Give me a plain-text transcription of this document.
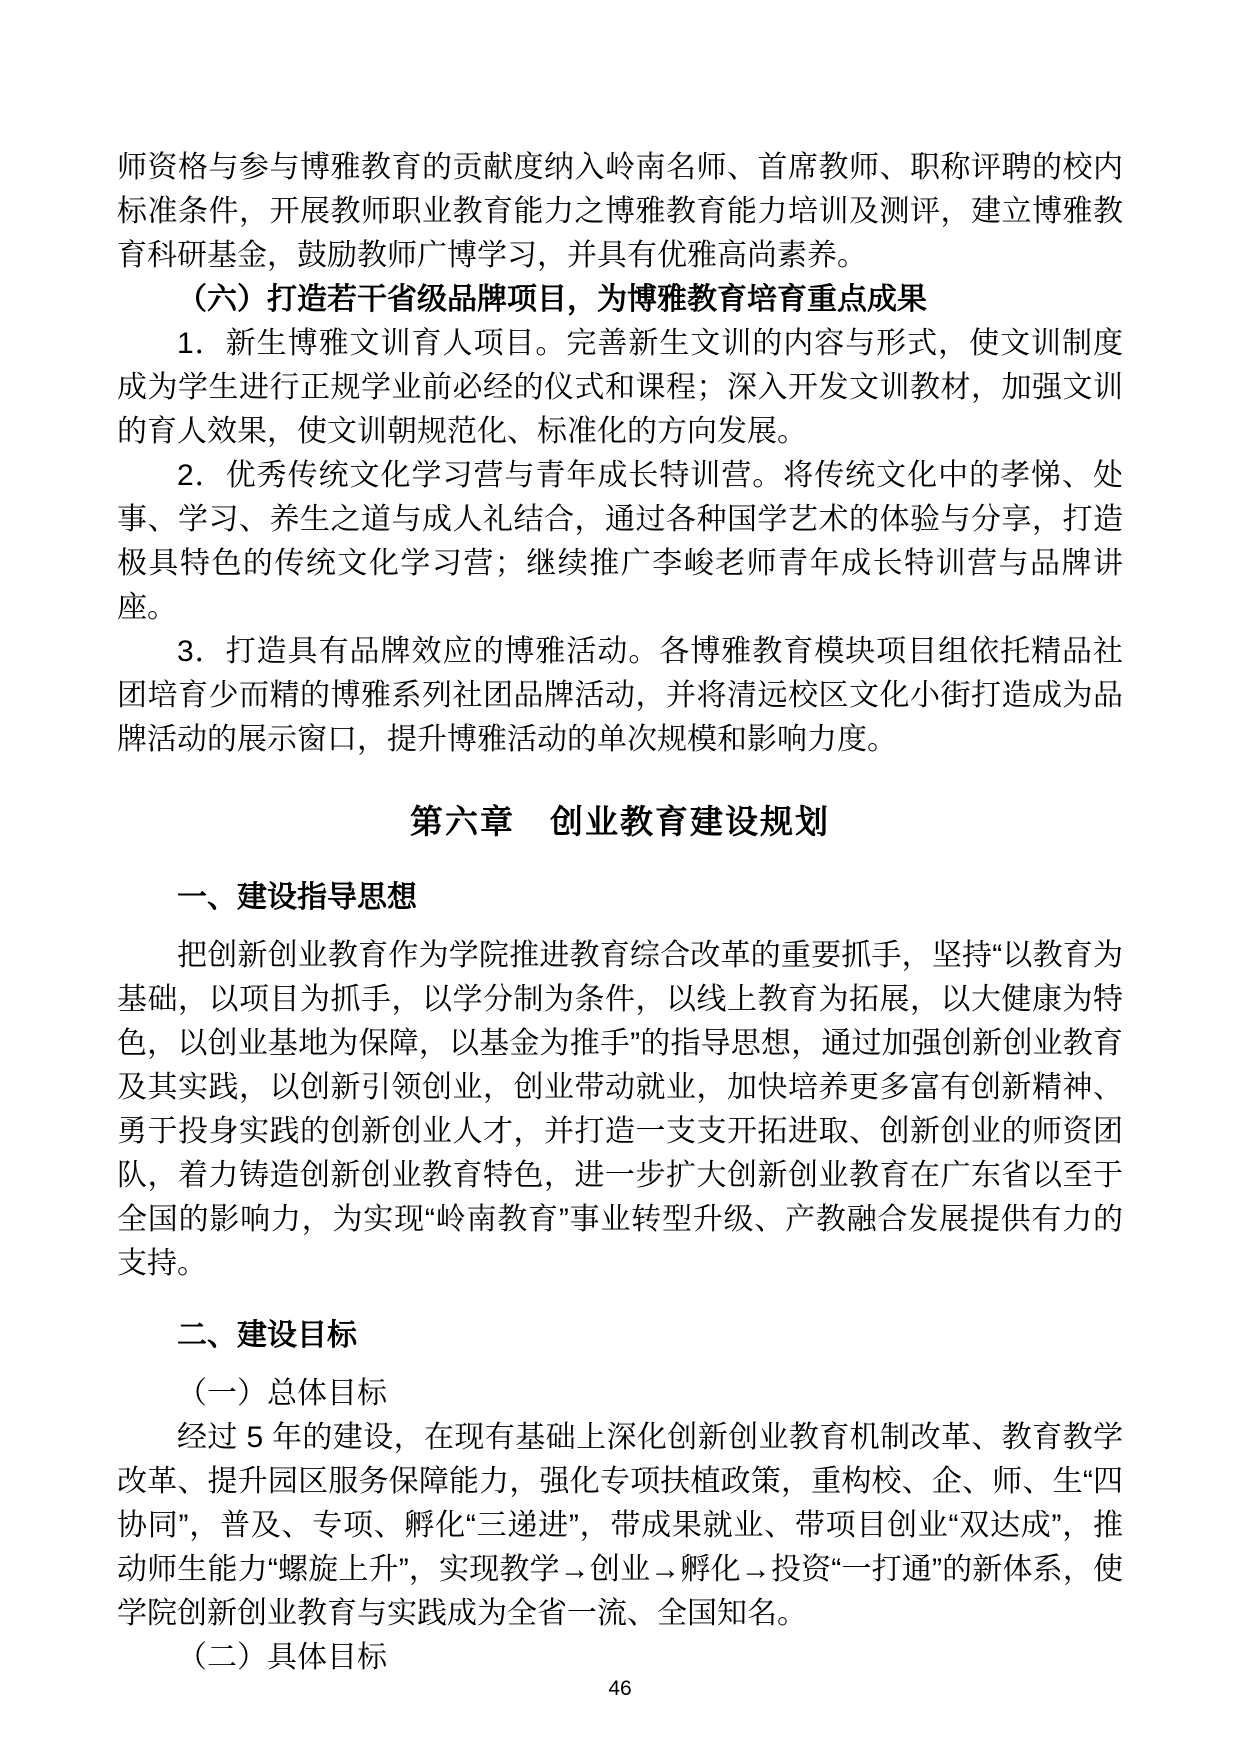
师资格与参与博雅教育的贡献度纳入岭南名师、首席教师、职称评聘的校内标准条件，开展教师职业教育能力之博雅教育能力培训及测评，建立博雅教育科研基金，鼓励教师广博学习，并具有优雅高尚素养。

（六）打造若干省级品牌项目，为博雅教育培育重点成果

1．新生博雅文训育人项目。完善新生文训的内容与形式，使文训制度成为学生进行正规学业前必经的仪式和课程；深入开发文训教材，加强文训的育人效果，使文训朝规范化、标准化的方向发展。

2．优秀传统文化学习营与青年成长特训营。将传统文化中的孝悌、处事、学习、养生之道与成人礼结合，通过各种国学艺术的体验与分享，打造极具特色的传统文化学习营；继续推广李峻老师青年成长特训营与品牌讲座。

3．打造具有品牌效应的博雅活动。各博雅教育模块项目组依托精品社团培育少而精的博雅系列社团品牌活动，并将清远校区文化小街打造成为品牌活动的展示窗口，提升博雅活动的单次规模和影响力度。

第六章　创业教育建设规划
一、建设指导思想

把创新创业教育作为学院推进教育综合改革的重要抓手，坚持“以教育为基础，以项目为抓手，以学分制为条件，以线上教育为拓展，以大健康为特色，以创业基地为保障，以基金为推手”的指导思想，通过加强创新创业教育及其实践，以创新引领创业，创业带动就业，加快培养更多富有创新精神、勇于投身实践的创新创业人才，并打造一支支开拓进取、创新创业的师资团队，着力铸造创新创业教育特色，进一步扩大创新创业教育在广东省以至于全国的影响力，为实现“岭南教育”事业转型升级、产教融合发展提供有力的支持。

二、建设目标

（一）总体目标

经过 5 年的建设，在现有基础上深化创新创业教育机制改革、教育教学改革、提升园区服务保障能力，强化专项扶植政策，重构校、企、师、生“四协同”，普及、专项、孵化“三递进”，带成果就业、带项目创业“双达成”，推动师生能力“螺旋上升”，实现教学→创业→孵化→投资“一打通”的新体系，使学院创新创业教育与实践成为全省一流、全国知名。

（二）具体目标

46
